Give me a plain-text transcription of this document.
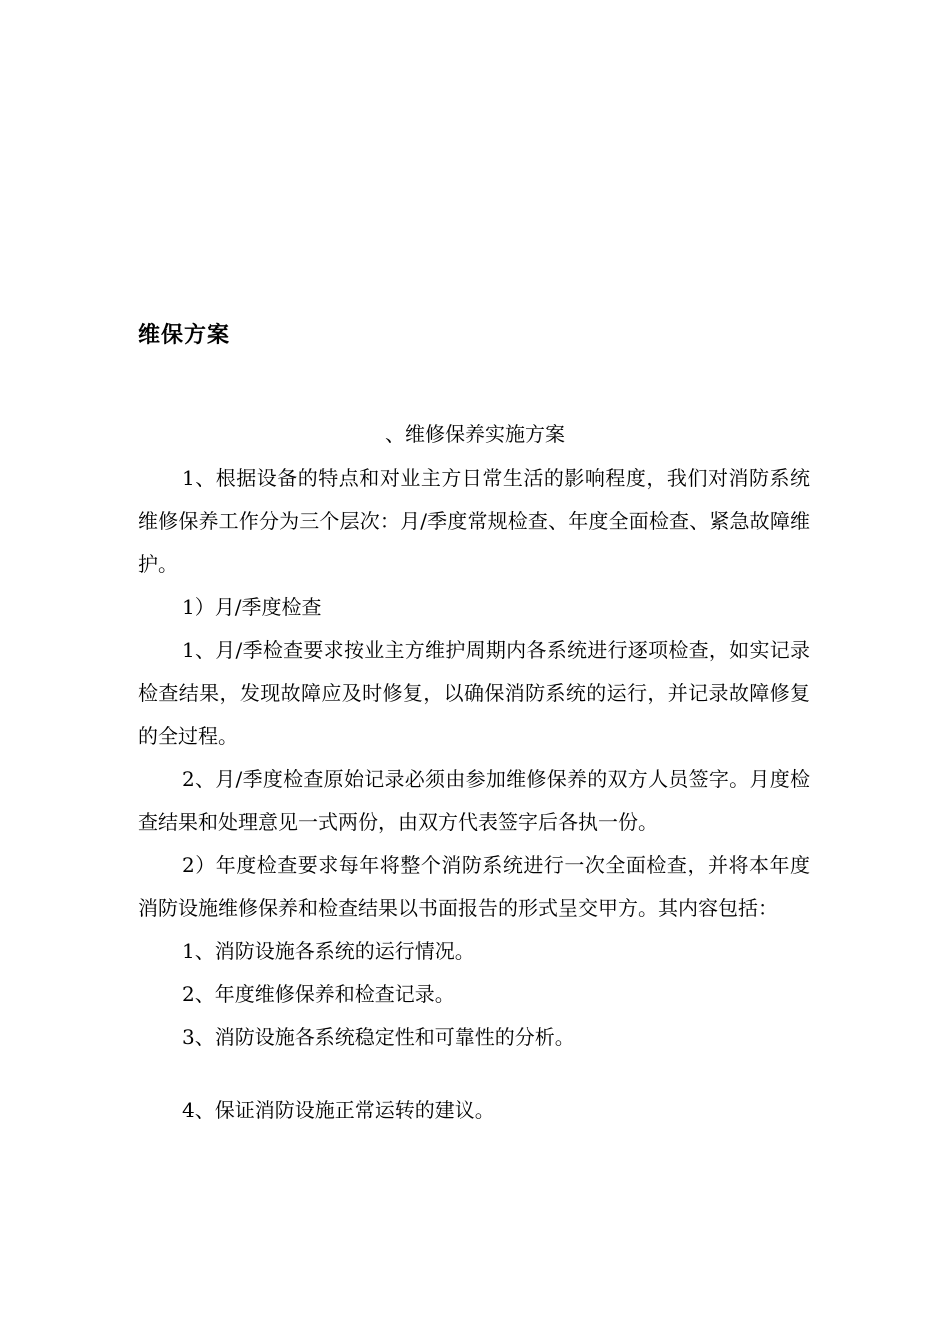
维保方案
、维修保养实施方案

1、根据设备的特点和对业主方日常生活的影响程度，我们对消防系统维修保养工作分为三个层次：月/季度常规检查、年度全面检查、紧急故障维护。

1）月/季度检查

1、月/季检查要求按业主方维护周期内各系统进行逐项检查，如实记录检查结果，发现故障应及时修复，以确保消防系统的运行，并记录故障修复的全过程。

2、月/季度检查原始记录必须由参加维修保养的双方人员签字。月度检查结果和处理意见一式两份，由双方代表签字后各执一份。

2）年度检查要求每年将整个消防系统进行一次全面检查，并将本年度消防设施维修保养和检查结果以书面报告的形式呈交甲方。其内容包括：

1、消防设施各系统的运行情况。

2、年度维修保养和检查记录。

3、消防设施各系统稳定性和可靠性的分析。

4、保证消防设施正常运转的建议。
